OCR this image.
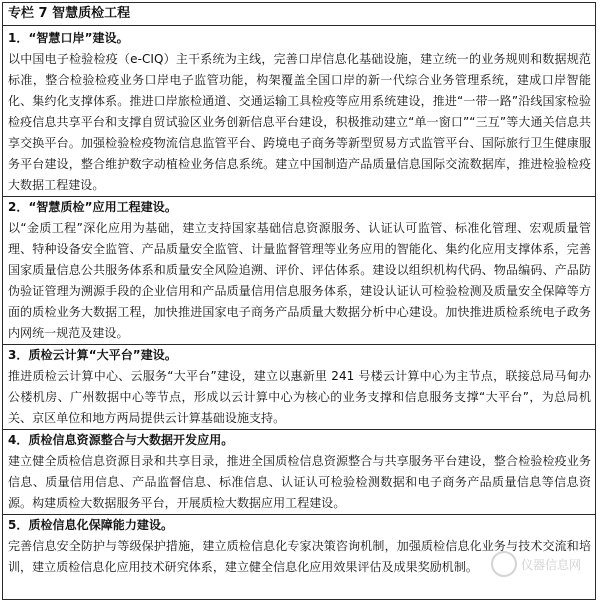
专栏 7 智慧质检工程
1．“智慧口岸”建设。

以中国电子检验检疫（e-CIQ）主干系统为主线，完善口岸信息化基础设施，建立统一的业务规则和数据规范标准，整合检验检疫业务口岸电子监管功能，构架覆盖全国口岸的新一代综合业务管理系统，建成口岸智能化、集约化支撑体系。推进口岸旅检通道、交通运输工具检疫等应用系统建设，推进“一带一路”沿线国家检验检疫信息共享平台和支撑自贸试验区业务创新信息平台建设，积极推动建立“单一窗口”“三互”等大通关信息共享交换平台。加强检验检疫物流信息监管平台、跨境电子商务等新型贸易方式监管平台、国际旅行卫生健康服务平台建设，整合维护数字动植检业务信息系统。建立中国制造产品质量信息国际交流数据库，推进检验检疫大数据工程建设。

2．“智慧质检”应用工程建设。

以“金质工程”深化应用为基础，建立支持国家基础信息资源服务、认证认可监管、标准化管理、宏观质量管理、特种设备安全监管、产品质量安全监管、计量监督管理等业务应用的智能化、集约化应用支撑体系，完善国家质量信息公共服务体系和质量安全风险追溯、评价、评估体系。建设以组织机构代码、物品编码、产品防伪验证管理为溯源手段的企业信用和产品质量信用信息服务体系，建设认证认可检验检测及质量安全保障等方面的质检业务大数据工程，加快推进国家电子商务产品质量大数据分析中心建设。加快推进质检系统电子政务内网统一规范及建设。

3．质检云计算“大平台”建设。

推进质检云计算中心、云服务“大平台”建设，建立以惠新里 241 号楼云计算中心为主节点，联接总局马甸办公楼机房、广州数据中心等节点，形成以云计算中心为核心的业务支撑和信息服务支撑“大平台”，为总局机关、京区单位和地方两局提供云计算基础设施支持。

4．质检信息资源整合与大数据开发应用。

建立健全质检信息资源目录和共享目录，推进全国质检信息资源整合与共享服务平台建设，整合检验检疫业务信息、质量信用信息、产品监督信息、标准信息、认证认可检验检测数据和电子商务产品质量信息等信息资源。构建质检大数据服务平台，开展质检大数据应用工程建设。

5．质检信息化保障能力建设。

完善信息安全防护与等级保护措施，建立质检信息化专家决策咨询机制，加强质检信息化业务与技术交流和培训，建立质检信息化应用技术研究体系，建立健全信息化应用效果评估及成果奖励机制。	仪器信息网
